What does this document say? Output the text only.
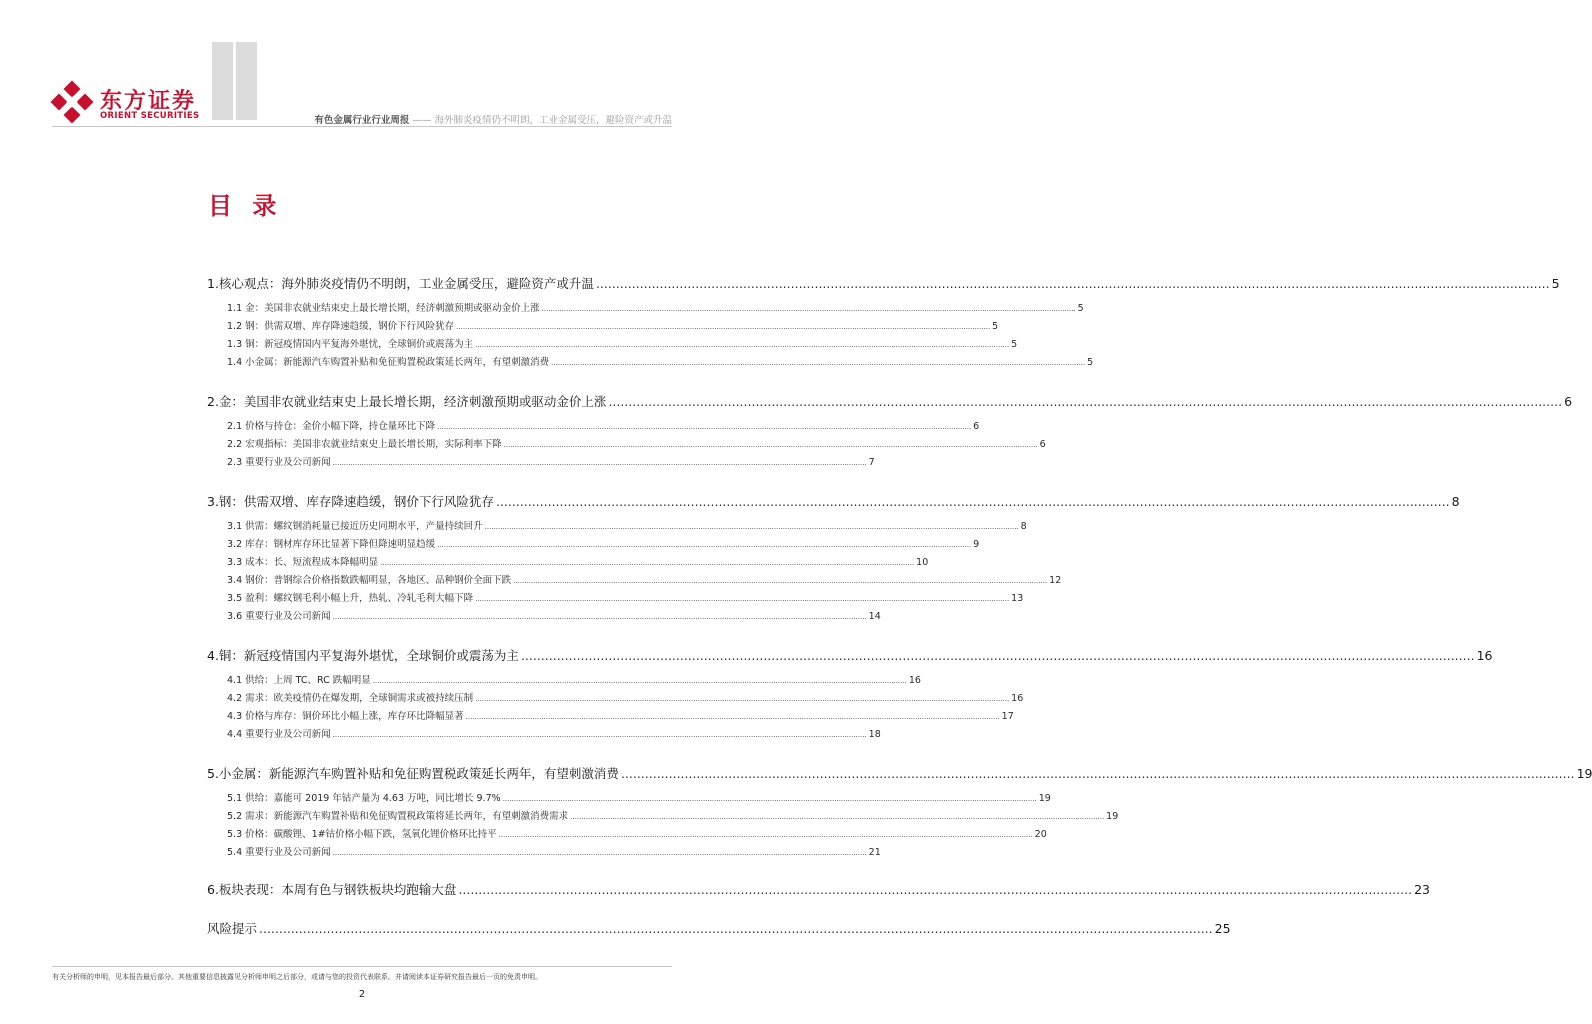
东方证券
ORIENT SECURITIES	有色金属行业行业周报 —— 海外肺炎疫情仍不明朗，工业金属受压，避险资产或升温
目 录
1.核心观点：海外肺炎疫情仍不明朗，工业金属受压，避险资产或升温 .....	5
1.1 金：美国非农就业结束史上最长增长期，经济刺激预期或驱动金价上涨 .....	5
1.2 钢：供需双增、库存降速趋缓，钢价下行风险犹存 .....	5
1.3 铜：新冠疫情国内平复海外堪忧，全球铜价或震荡为主 .....	5
1.4 小金属：新能源汽车购置补贴和免征购置税政策延长两年，有望刺激消费 .....	5
2.金：美国非农就业结束史上最长增长期，经济刺激预期或驱动金价上涨 .....	6
2.1 价格与持仓：金价小幅下降，持仓量环比下降 .....	6
2.2 宏观指标：美国非农就业结束史上最长增长期，实际利率下降 .....	6
2.3 重要行业及公司新闻 .....	7
3.钢：供需双增、库存降速趋缓，钢价下行风险犹存 .....	8
3.1 供需：螺纹钢消耗量已接近历史同期水平，产量持续回升 .....	8
3.2 库存：钢材库存环比显著下降但降速明显趋缓 .....	9
3.3 成本：长、短流程成本降幅明显 .....	10
3.4 钢价：普钢综合价格指数跌幅明显，各地区、品种钢价全面下跌 .....	12
3.5 盈利：螺纹钢毛利小幅上升，热轧、冷轧毛利大幅下降 .....	13
3.6 重要行业及公司新闻 .....	14
4.铜：新冠疫情国内平复海外堪忧，全球铜价或震荡为主 .....	16
4.1 供给：上周 TC、RC 跌幅明显 .....	16
4.2 需求：欧美疫情仍在爆发期，全球铜需求或被持续压制 .....	16
4.3 价格与库存：铜价环比小幅上涨，库存环比降幅显著 .....	17
4.4 重要行业及公司新闻 .....	18
5.小金属：新能源汽车购置补贴和免征购置税政策延长两年，有望刺激消费 .....	19
5.1 供给：嘉能可 2019 年钴产量为 4.63 万吨，同比增长 9.7% .....	19
5.2 需求：新能源汽车购置补贴和免征购置税政策将延长两年，有望刺激消费需求 .....	19
5.3 价格：碳酸锂、1#钴价格小幅下跌，氢氧化锂价格环比持平 .....	20
5.4 重要行业及公司新闻 .....	21
6.板块表现：本周有色与钢铁板块均跑输大盘 .....	23
风险提示 .....	25
有关分析师的申明，见本报告最后部分。其他重要信息披露见分析师申明之后部分，或请与您的投资代表联系。并请阅读本证券研究报告最后一页的免责申明。
2
